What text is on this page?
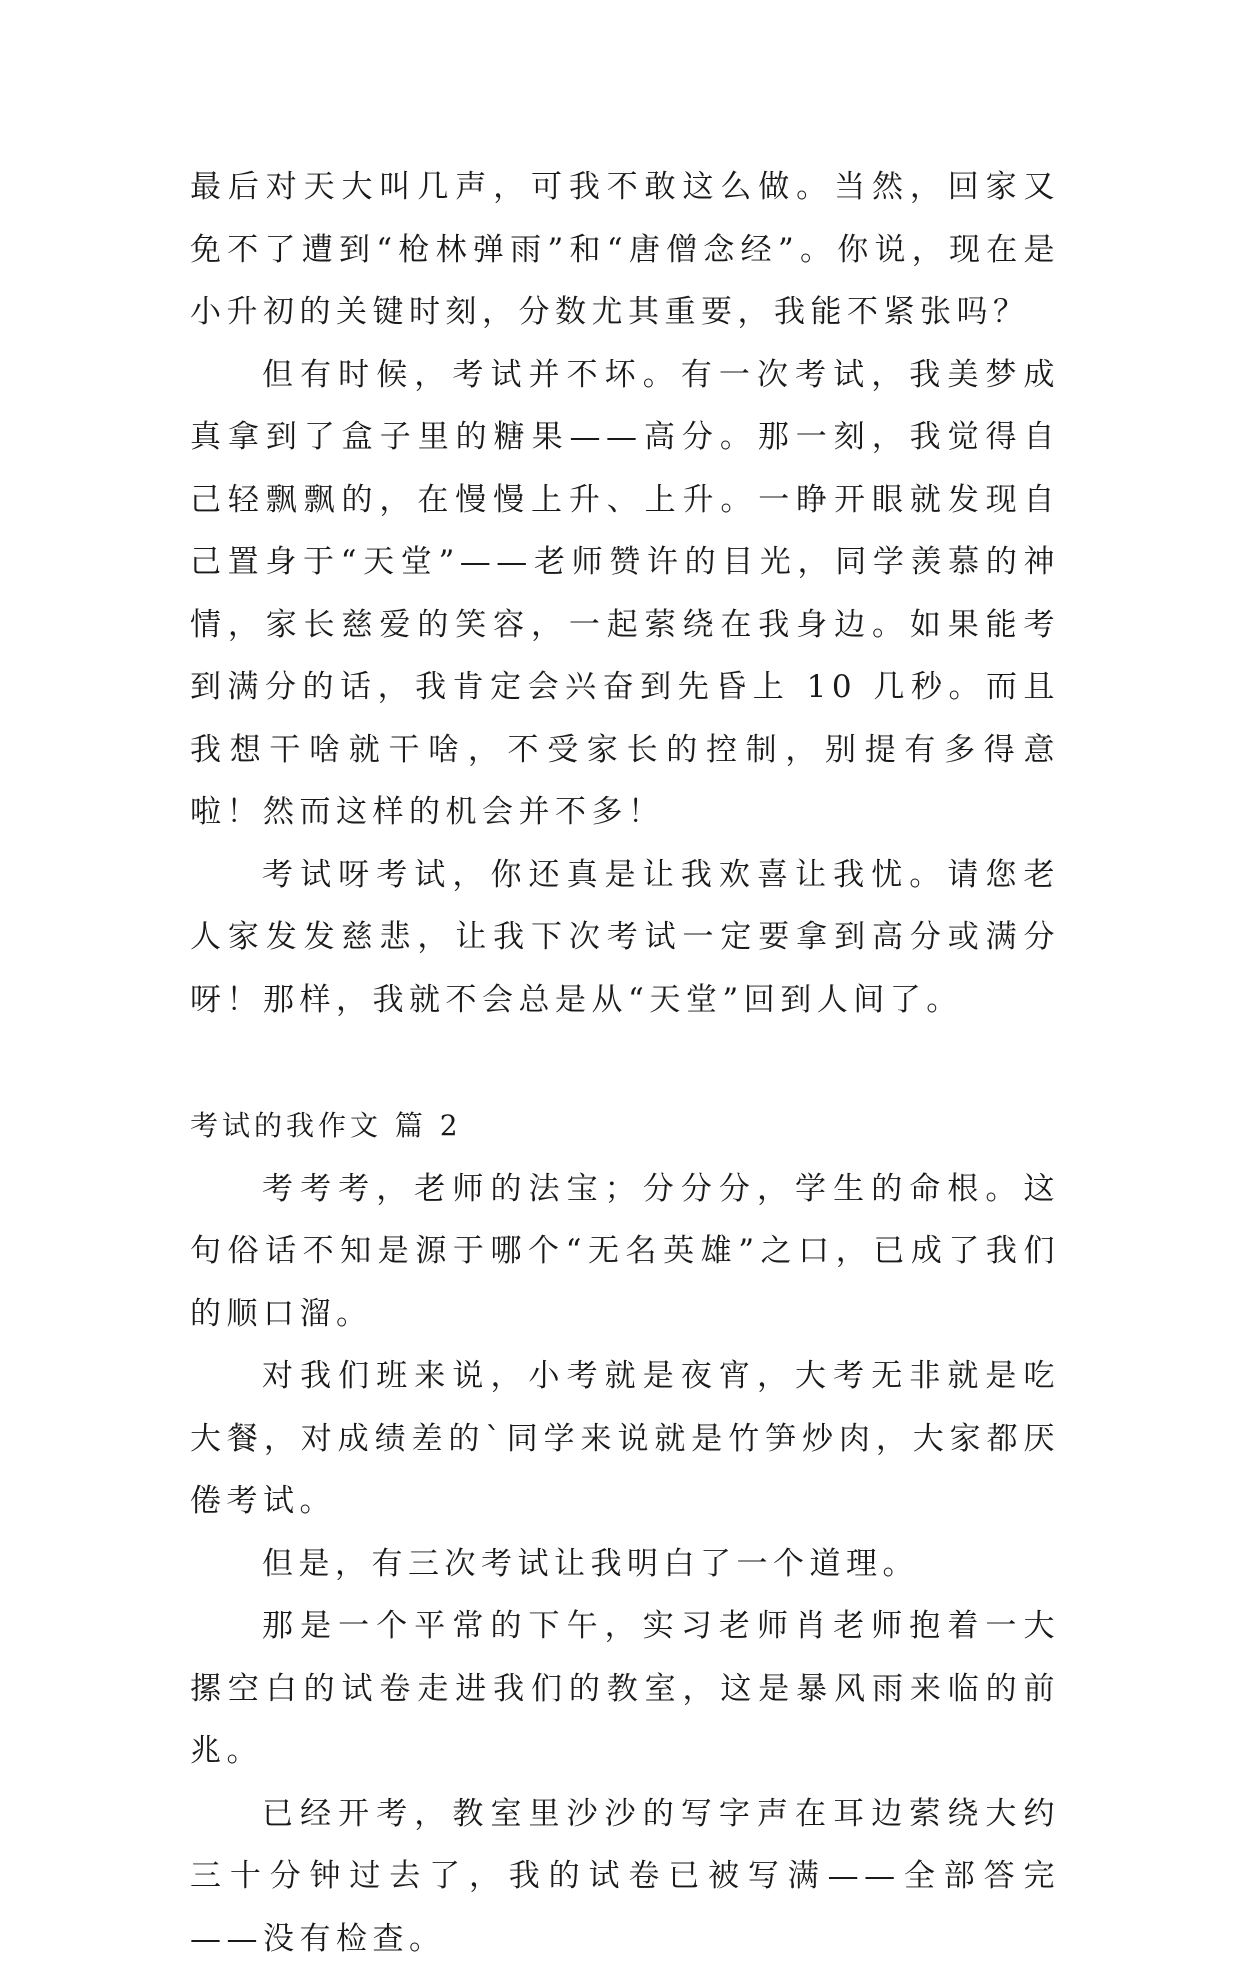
最后对天大叫几声，可我不敢这么做。当然，回家又免不了遭到“枪林弹雨”和“唐僧念经”。你说，现在是小升初的关键时刻，分数尤其重要，我能不紧张吗？

但有时候，考试并不坏。有一次考试，我美梦成真拿到了盒子里的糖果——高分。那一刻，我觉得自己轻飘飘的，在慢慢上升、上升。一睁开眼就发现自己置身于“天堂”——老师赞许的目光，同学羡慕的神情，家长慈爱的笑容，一起萦绕在我身边。如果能考到满分的话，我肯定会兴奋到先昏上 10 几秒。而且我想干啥就干啥，不受家长的控制，别提有多得意啦！然而这样的机会并不多！

考试呀考试，你还真是让我欢喜让我忧。请您老人家发发慈悲，让我下次考试一定要拿到高分或满分呀！那样，我就不会总是从“天堂”回到人间了。

考试的我作文 篇 2

考考考，老师的法宝；分分分，学生的命根。这句俗话不知是源于哪个“无名英雄”之口，已成了我们的顺口溜。

对我们班来说，小考就是夜宵，大考无非就是吃大餐，对成绩差的`同学来说就是竹笋炒肉，大家都厌倦考试。

但是，有三次考试让我明白了一个道理。

那是一个平常的下午，实习老师肖老师抱着一大摞空白的试卷走进我们的教室，这是暴风雨来临的前兆。

已经开考，教室里沙沙的写字声在耳边萦绕大约三十分钟过去了，我的试卷已被写满——全部答完——没有检查。
